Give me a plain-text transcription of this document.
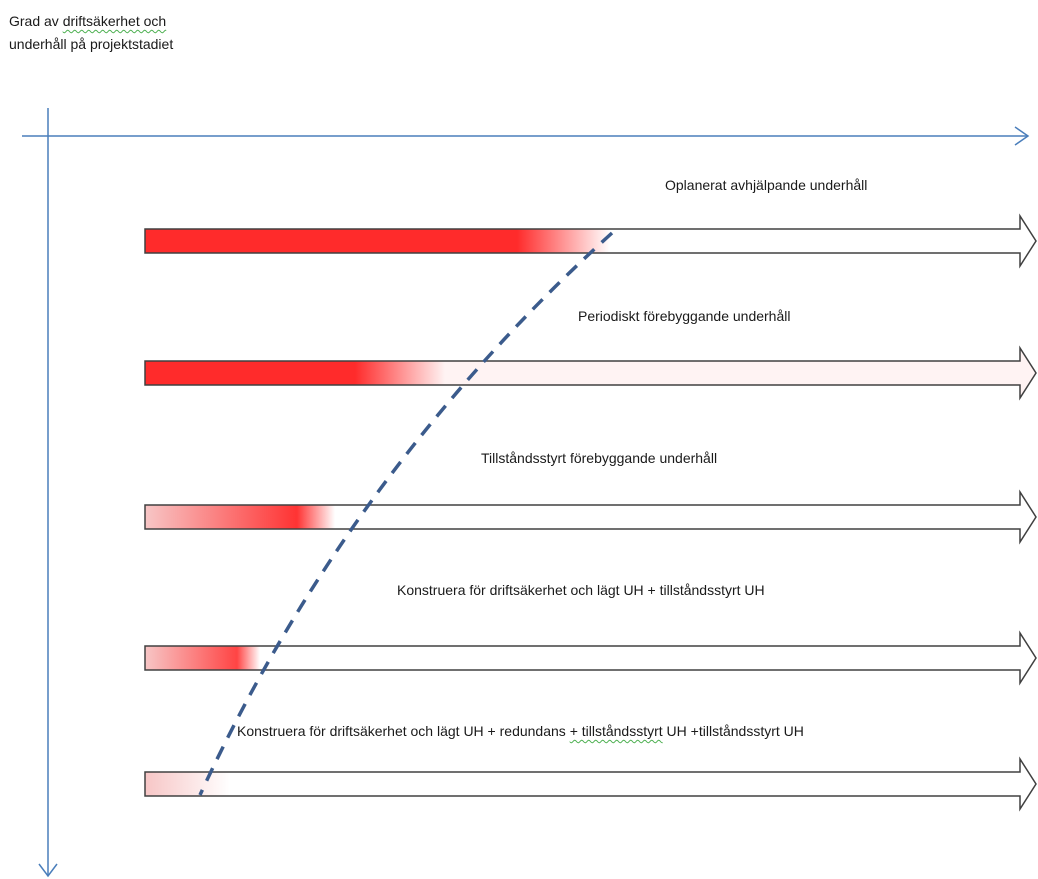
Grad av driftsäkerhet och
underhåll på projektstadiet
Oplanerat avhjälpande underhåll
Periodiskt förebyggande underhåll
Tillståndsstyrt förebyggande underhåll
Konstruera för driftsäkerhet och lägt UH + tillståndsstyrt UH
Konstruera för driftsäkerhet och lägt UH + redundans + tillståndsstyrt UH +tillståndsstyrt UH
